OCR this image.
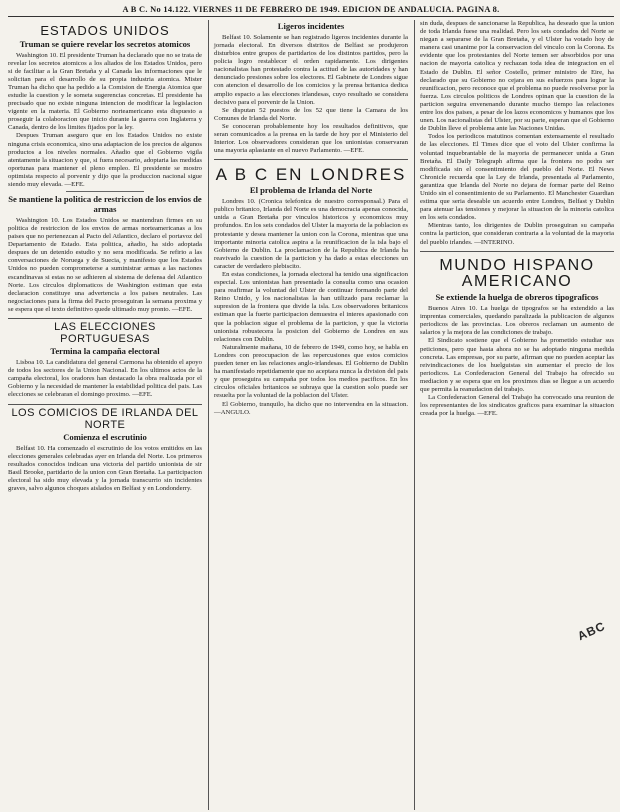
A B C. No 14.122. VIERNES 11 DE FEBRERO DE 1949. EDICION DE ANDALUCIA. PAGINA 8.
ESTADOS UNIDOS
Truman se quiere revelar los secretos atomicos

Washington 10. El presidente Truman ha declarado que no se trata de revelar los secretos atomicos a los aliados de los Estados Unidos, pero si de facilitar a la Gran Bretaña y al Canada las informaciones que le solicitan para el desarrollo de su propia industria atomica. Mister Truman ha dicho que ha pedido a la Comision de Energia Atomica que estudie la cuestion y le someta sugerencias concretas. El presidente ha precisado que no existe ninguna intencion de modificar la legislacion vigente en la materia. El Gobierno norteamericano esta dispuesto a proseguir la colaboracion que inicio durante la guerra con Inglaterra y Canada, dentro de los limites fijados por la ley.

Despues Truman aseguro que en los Estados Unidos no existe ninguna crisis economica, sino una adaptacion de los precios de algunos productos a los niveles normales. Añadio que el Gobierno vigila atentamente la situacion y que, si fuera necesario, adoptaria las medidas oportunas para mantener el pleno empleo. El presidente se mostro optimista respecto al porvenir y dijo que la produccion nacional sigue siendo muy elevada. —EFE.

Se mantiene la politica de restriccion de los envios de armas

Washington 10. Los Estados Unidos se mantendran firmes en su politica de restriccion de los envios de armas norteamericanas a los paises que no pertenezcan al Pacto del Atlantico, declaro el portavoz del Departamento de Estado. Esta politica, añadio, ha sido adoptada despues de un detenido estudio y no sera modificada. Se refirio a las conversaciones de Noruega y de Suecia, y manifesto que los Estados Unidos no pueden comprometerse a suministrar armas a las naciones escandinavas si estas no se adhieren al sistema de defensa del Atlantico Norte. Los circulos diplomaticos de Washington estiman que esta declaracion constituye una advertencia a los paises neutrales. Las negociaciones para la firma del Pacto proseguiran la semana proxima y se espera que el texto definitivo quede ultimado muy pronto. —EFE.

LAS ELECCIONES PORTUGUESAS
Termina la campaña electoral

Lisboa 10. La candidatura del general Carmona ha obtenido el apoyo de todos los sectores de la Union Nacional. En los ultimos actos de la campaña electoral, los oradores han destacado la obra realizada por el Gobierno y la necesidad de mantener la estabilidad politica del pais. Las elecciones se celebraran el domingo proximo. —EFE.

LOS COMICIOS DE IRLANDA DEL NORTE
Comienza el escrutinio

Belfast 10. Ha comenzado el escrutinio de los votos emitidos en las elecciones generales celebradas ayer en Irlanda del Norte. Los primeros resultados conocidos indican una victoria del partido unionista de sir Basil Brooke, partidario de la union con Gran Bretaña. La participacion electoral ha sido muy elevada y la jornada transcurrio sin incidentes graves, salvo algunos choques aislados en Belfast y en Londonderry.

Ligeros incidentes

Belfast 10. Solamente se han registrado ligeros incidentes durante la jornada electoral. En diversos distritos de Belfast se produjeron disturbios entre grupos de partidarios de los distintos partidos, pero la policia logro restablecer el orden rapidamente. Los dirigentes nacionalistas han protestado contra la actitud de las autoridades y han denunciado presiones sobre los electores. El Gabinete de Londres sigue con atencion el desarrollo de los comicios y la prensa britanica dedica amplio espacio a las elecciones irlandesas, cuyo resultado se considera decisivo para el porvenir de la Union.

Se disputan 52 puestos de los 52 que tiene la Camara de los Comunes de Irlanda del Norte.

Se conoceran probablemente hoy los resultados definitivos, que seran comunicados a la prensa en la tarde de hoy por el Ministerio del Interior. Los observadores consideran que los unionistas conservaran una mayoria aplastante en el nuevo Parlamento. —EFE.

A B C EN LONDRES
El problema de Irlanda del Norte

Londres 10. (Cronica telefonica de nuestro corresponsal.) Para el publico britanico, Irlanda del Norte es una democracia apenas conocida, unida a Gran Bretaña por vinculos historicos y economicos muy profundos. En los seis condados del Ulster la mayoria de la poblacion es protestante y desea mantener la union con la Corona, mientras que una importante minoria catolica aspira a la reunificacion de la isla bajo el Gobierno de Dublin. La proclamacion de la Republica de Irlanda ha reavivado la cuestion de la particion y ha dado a estas elecciones un caracter de verdadero plebiscito.

En estas condiciones, la jornada electoral ha tenido una significacion especial. Los unionistas han presentado la consulta como una ocasion para reafirmar la voluntad del Ulster de continuar formando parte del Reino Unido, y los nacionalistas la han utilizado para reclamar la supresion de la frontera que divide la isla. Los observadores britanicos estiman que la fuerte participacion demuestra el interes apasionado con que la poblacion sigue el problema de la particion, y que la victoria unionista robustecera la posicion del Gobierno de Londres en sus relaciones con Dublin.

Naturalmente mañana, 10 de febrero de 1949, como hoy, se habla en Londres con preocupacion de las repercusiones que estos comicios pueden tener en las relaciones anglo-irlandesas. El Gobierno de Dublin ha manifestado repetidamente que no aceptara nunca la division del pais y que proseguira su campaña por todos los medios pacificos. En los circulos oficiales britanicos se subraya que la cuestion solo puede ser resuelta por la voluntad de la poblacion del Ulster.

El Gobierno, tranquilo, ha dicho que no intervendra en la situacion. —ANGULO.

sin duda, despues de sancionarse la Republica, ha deseado que la union de toda Irlanda fuese una realidad. Pero los seis condados del Norte se niegan a separarse de la Gran Bretaña, y el Ulster ha votado hoy de manera casi unanime por la conservacion del vinculo con la Corona. Es evidente que los protestantes del Norte temen ser absorbidos por una nacion de mayoria catolica y rechazan toda idea de integracion en el Estado de Dublin. El señor Costello, primer ministro de Eire, ha declarado que su Gobierno no cejara en sus esfuerzos para lograr la reunificacion, pero reconoce que el problema no puede resolverse por la fuerza. Los circulos politicos de Londres opinan que la cuestion de la particion seguira envenenando durante mucho tiempo las relaciones entre los dos paises, a pesar de los lazos economicos y humanos que los unen. Los nacionalistas del Ulster, por su parte, esperan que el Gobierno de Dublin lleve el problema ante las Naciones Unidas.

Todos los periodicos matutinos comentan extensamente el resultado de las elecciones. El Times dice que el voto del Ulster confirma la voluntad inquebrantable de la mayoria de permanecer unida a Gran Bretaña. El Daily Telegraph afirma que la frontera no podra ser modificada sin el consentimiento del pueblo del Norte. El News Chronicle recuerda que la Ley de Irlanda, presentada al Parlamento, garantiza que Irlanda del Norte no dejara de formar parte del Reino Unido sin el consentimiento de su Parlamento. El Manchester Guardian estima que seria deseable un acuerdo entre Londres, Belfast y Dublin para atenuar las tensiones y mejorar la situacion de la minoria catolica en los seis condados.

Mientras tanto, los dirigentes de Dublin proseguiran su campaña contra la particion, que consideran contraria a la voluntad de la mayoria del pueblo irlandes. —INTERINO.

MUNDO HISPANO AMERICANO
Se extiende la huelga de obreros tipograficos

Buenos Aires 10. La huelga de tipografos se ha extendido a las imprentas comerciales, quedando paralizada la publicacion de algunos periodicos de las provincias. Los obreros reclaman un aumento de salarios y la mejora de las condiciones de trabajo.

El Sindicato sostiene que el Gobierno ha prometido estudiar sus peticiones, pero que hasta ahora no se ha adoptado ninguna medida concreta. Las empresas, por su parte, afirman que no pueden aceptar las reivindicaciones de los huelguistas sin aumentar el precio de los periodicos. La Confederacion General del Trabajo ha ofrecido su mediacion y se espera que en los proximos dias se llegue a un acuerdo que permita la reanudacion del trabajo.

La Confederacion General del Trabajo ha convocado una reunion de los representantes de los sindicatos graficos para examinar la situacion creada por la huelga. —EFE.

ABC
